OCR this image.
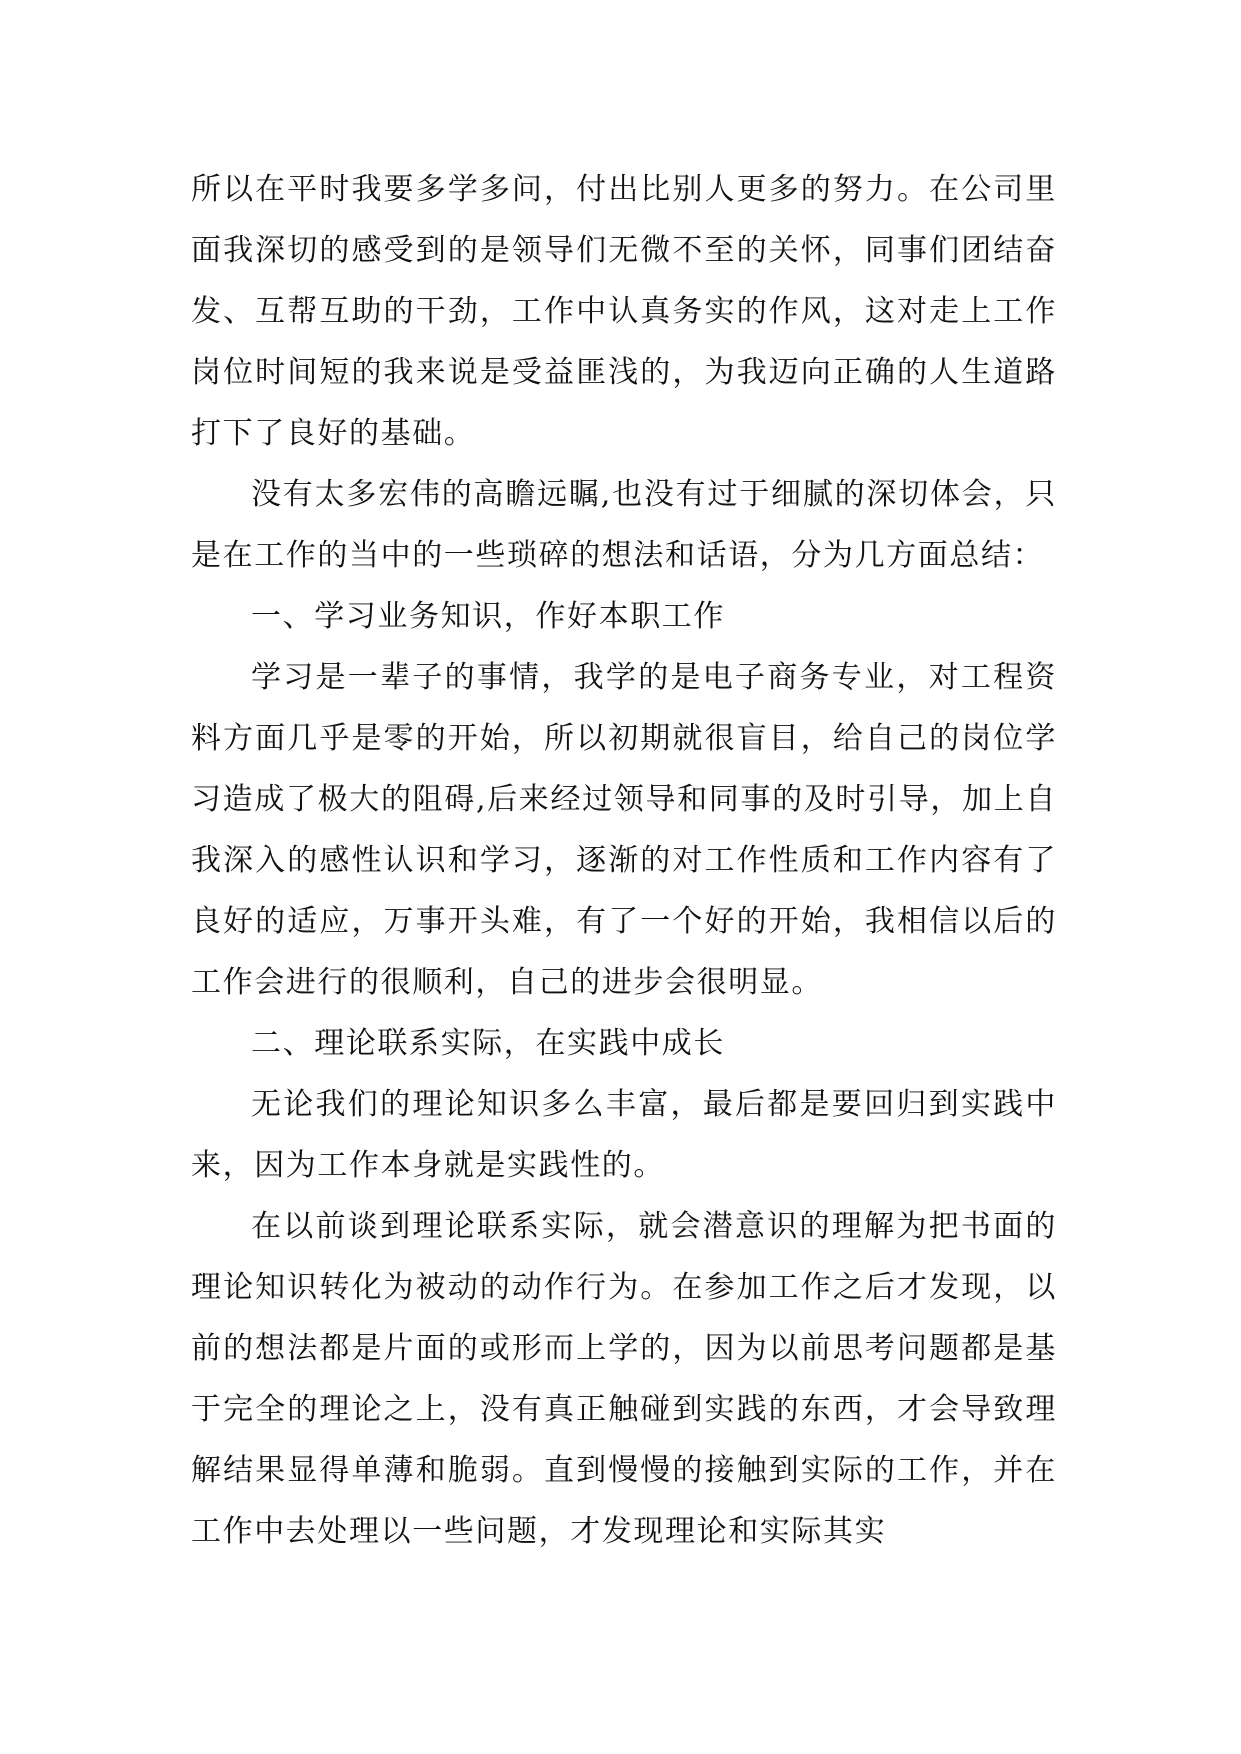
所以在平时我要多学多问，付出比别人更多的努力。在公司里面我深切的感受到的是领导们无微不至的关怀，同事们团结奋发、互帮互助的干劲，工作中认真务实的作风，这对走上工作岗位时间短的我来说是受益匪浅的，为我迈向正确的人生道路打下了良好的基础。

没有太多宏伟的高瞻远瞩,也没有过于细腻的深切体会，只是在工作的当中的一些琐碎的想法和话语，分为几方面总结：

一、学习业务知识，作好本职工作

学习是一辈子的事情，我学的是电子商务专业，对工程资料方面几乎是零的开始，所以初期就很盲目，给自己的岗位学习造成了极大的阻碍,后来经过领导和同事的及时引导，加上自我深入的感性认识和学习，逐渐的对工作性质和工作内容有了良好的适应，万事开头难，有了一个好的开始，我相信以后的工作会进行的很顺利，自己的进步会很明显。

二、理论联系实际，在实践中成长

无论我们的理论知识多么丰富，最后都是要回归到实践中来，因为工作本身就是实践性的。

在以前谈到理论联系实际，就会潜意识的理解为把书面的理论知识转化为被动的动作行为。在参加工作之后才发现，以前的想法都是片面的或形而上学的，因为以前思考问题都是基于完全的理论之上，没有真正触碰到实践的东西，才会导致理解结果显得单薄和脆弱。直到慢慢的接触到实际的工作，并在工作中去处理以一些问题，才发现理论和实际其实
